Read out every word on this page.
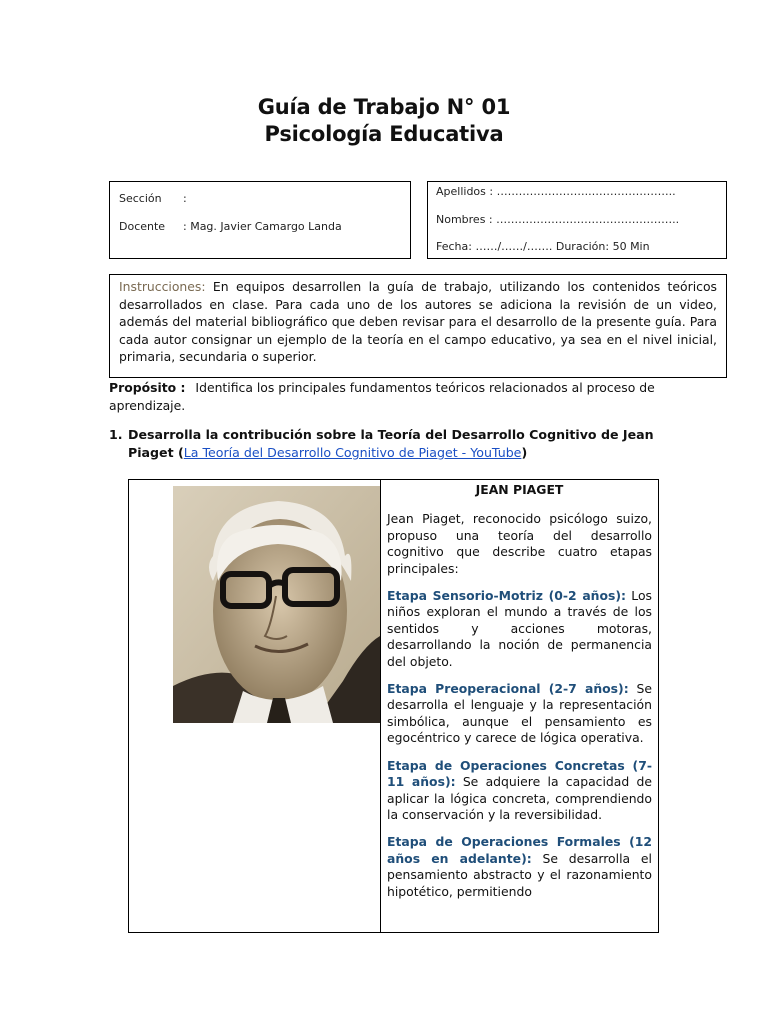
Guía de Trabajo N° 01
Psicología Educativa
Sección :
Docente : Mag. Javier Camargo Landa
Apellidos : ……………………..…………………..
Nombres : …………………………………………..
Fecha: ……/……/……. Duración: 50 Min
Instrucciones: En equipos desarrollen la guía de trabajo, utilizando los contenidos teóricos desarrollados en clase. Para cada uno de los autores se adiciona la revisión de un video, además del material bibliográfico que deben revisar para el desarrollo de la presente guía. Para cada autor consignar un ejemplo de la teoría en el campo educativo, ya sea en el nivel inicial, primaria, secundaria o superior.
Propósito : Identifica los principales fundamentos teóricos relacionados al proceso de aprendizaje.
1. Desarrolla la contribución sobre la Teoría del Desarrollo Cognitivo de Jean Piaget (La Teoría del Desarrollo Cognitivo de Piaget - YouTube)
JEAN PIAGET

Jean Piaget, reconocido psicólogo suizo, propuso una teoría del desarrollo cognitivo que describe cuatro etapas principales:

Etapa Sensorio-Motriz (0-2 años): Los niños exploran el mundo a través de los sentidos y acciones motoras, desarrollando la noción de permanencia del objeto.

Etapa Preoperacional (2-7 años): Se desarrolla el lenguaje y la representación simbólica, aunque el pensamiento es egocéntrico y carece de lógica operativa.

Etapa de Operaciones Concretas (7-11 años): Se adquiere la capacidad de aplicar la lógica concreta, comprendiendo la conservación y la reversibilidad.

Etapa de Operaciones Formales (12 años en adelante): Se desarrolla el pensamiento abstracto y el razonamiento hipotético, permitiendo
